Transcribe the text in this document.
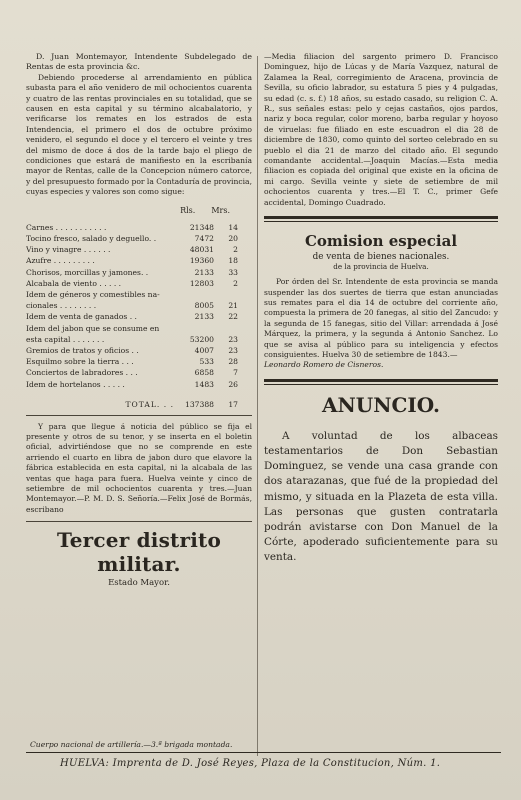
D. Juan Montemayor, Intendente Subdelegado de Rentas de esta provincia &c.

Debiendo procederse al arrendamiento en pública subasta para el año venidero de mil ochocientos cuarenta y cuatro de las rentas provinciales en su totalidad, que se causen en esta capital y su término alcabalatorio, y verificarse los remates en los estrados de esta Intendencia, el primero el dos de octubre próximo venidero, el segundo el doce y el tercero el veinte y tres del mismo de doce á dos de la tarde bajo el pliego de condiciones que estará de manifiesto en la escribanía mayor de Rentas, calle de la Concepcion número catorce, y del presupuesto formado por la Contaduría de provincia, cuyas especies y valores son como sigue:

Rls. Mrs.
Carnes . . . . . . . . . . .	21348	14
Tocino fresco, salado y deguello. .	7472	20
Vino y vinagre . . . . . .	48031	2
Azufre . . . . . . . . .	19360	18
Chorisos, morcillas y jamones. .	2133	33
Alcabala de viento . . . . .	12803	2
Idem de géneros y comestibles na-		
cionales . . . . . . . .	8005	21
Idem de venta de ganados . .	2133	22
Idem del jabon que se consume en		
esta capital . . . . . . .	53200	23
Gremios de tratos y oficios . .	4007	23
Esquilmo sobre la tierra . . .	533	28
Conciertos de labradores . . .	6858	7
Idem de hortelanos . . . . .	1483	26
TOTAL. . .	137388	17

Y para que llegue á noticia del público se fija el presente y otros de su tenor, y se inserta en el boletin oficial, advirtiéndose que no se comprende en este arriendo el cuarto en libra de jabon duro que elavore la fábrica establecida en esta capital, ni la alcabala de las ventas que haga para fuera. Huelva veinte y cinco de setiembre de mil ochocientos cuarenta y tres.—Juan Montemayor.—P. M. D. S. Señoría.—Felix José de Bormás, escribano

Tercer distrito militar.
Estado Mayor.

—Media filiacion del sargento primero D. Francisco Dominguez, hijo de Lúcas y de María Vazquez, natural de Zalamea la Real, corregimiento de Aracena, provincia de Sevilla, su oficio labrador, su estatura 5 pies y 4 pulgadas, su edad (c. s. f.) 18 años, su estado casado, su religion C. A. R., sus señales estas: pelo y cejas castaños, ojos pardos, nariz y boca regular, color moreno, barba regular y hoyoso de viruelas: fue filiado en este escuadron el dia 28 de diciembre de 1830, como quinto del sorteo celebrado en su pueblo el dia 21 de marzo del citado año. El segundo comandante accidental.—Joaquin Macías.—Esta media filiacion es copiada del original que existe en la oficina de mi cargo. Sevilla veinte y siete de setiembre de mil ochocientos cuarenta y tres.—El T. C., primer Gefe accidental, Domingo Cuadrado.

Comision especial
de venta de bienes nacionales.
de la provincia de Huelva.

Por órden del Sr. Intendente de esta provincia se manda suspender las dos suertes de tierra que estan anunciadas sus remates para el dia 14 de octubre del corriente año, compuesta la primera de 20 fanegas, al sitio del Zancudo: y la segunda de 15 fanegas, sitio del Villar: arrendada á José Márquez, la primera, y la segunda á Antonio Sanchez. Lo que se avisa al público para su inteligencia y efectos consiguientes. Huelva 30 de setiembre de 1843.—

Leonardo Romero de Cisneros.

ANUNCIO.

A voluntad de los albaceas testamentarios de Don Sebastian Dominguez, se vende una casa grande con dos atarazanas, que fué de la propiedad del mismo, y situada en la Plazeta de esta villa. Las personas que gusten contratarla podrán avistarse con Don Manuel de la Córte, apoderado suficientemente para su venta.

Cuerpo nacional de artillería.—3.ª brigada montada.
HUELVA: Imprenta de D. José Reyes, Plaza de la Constitucion, Núm. 1.
